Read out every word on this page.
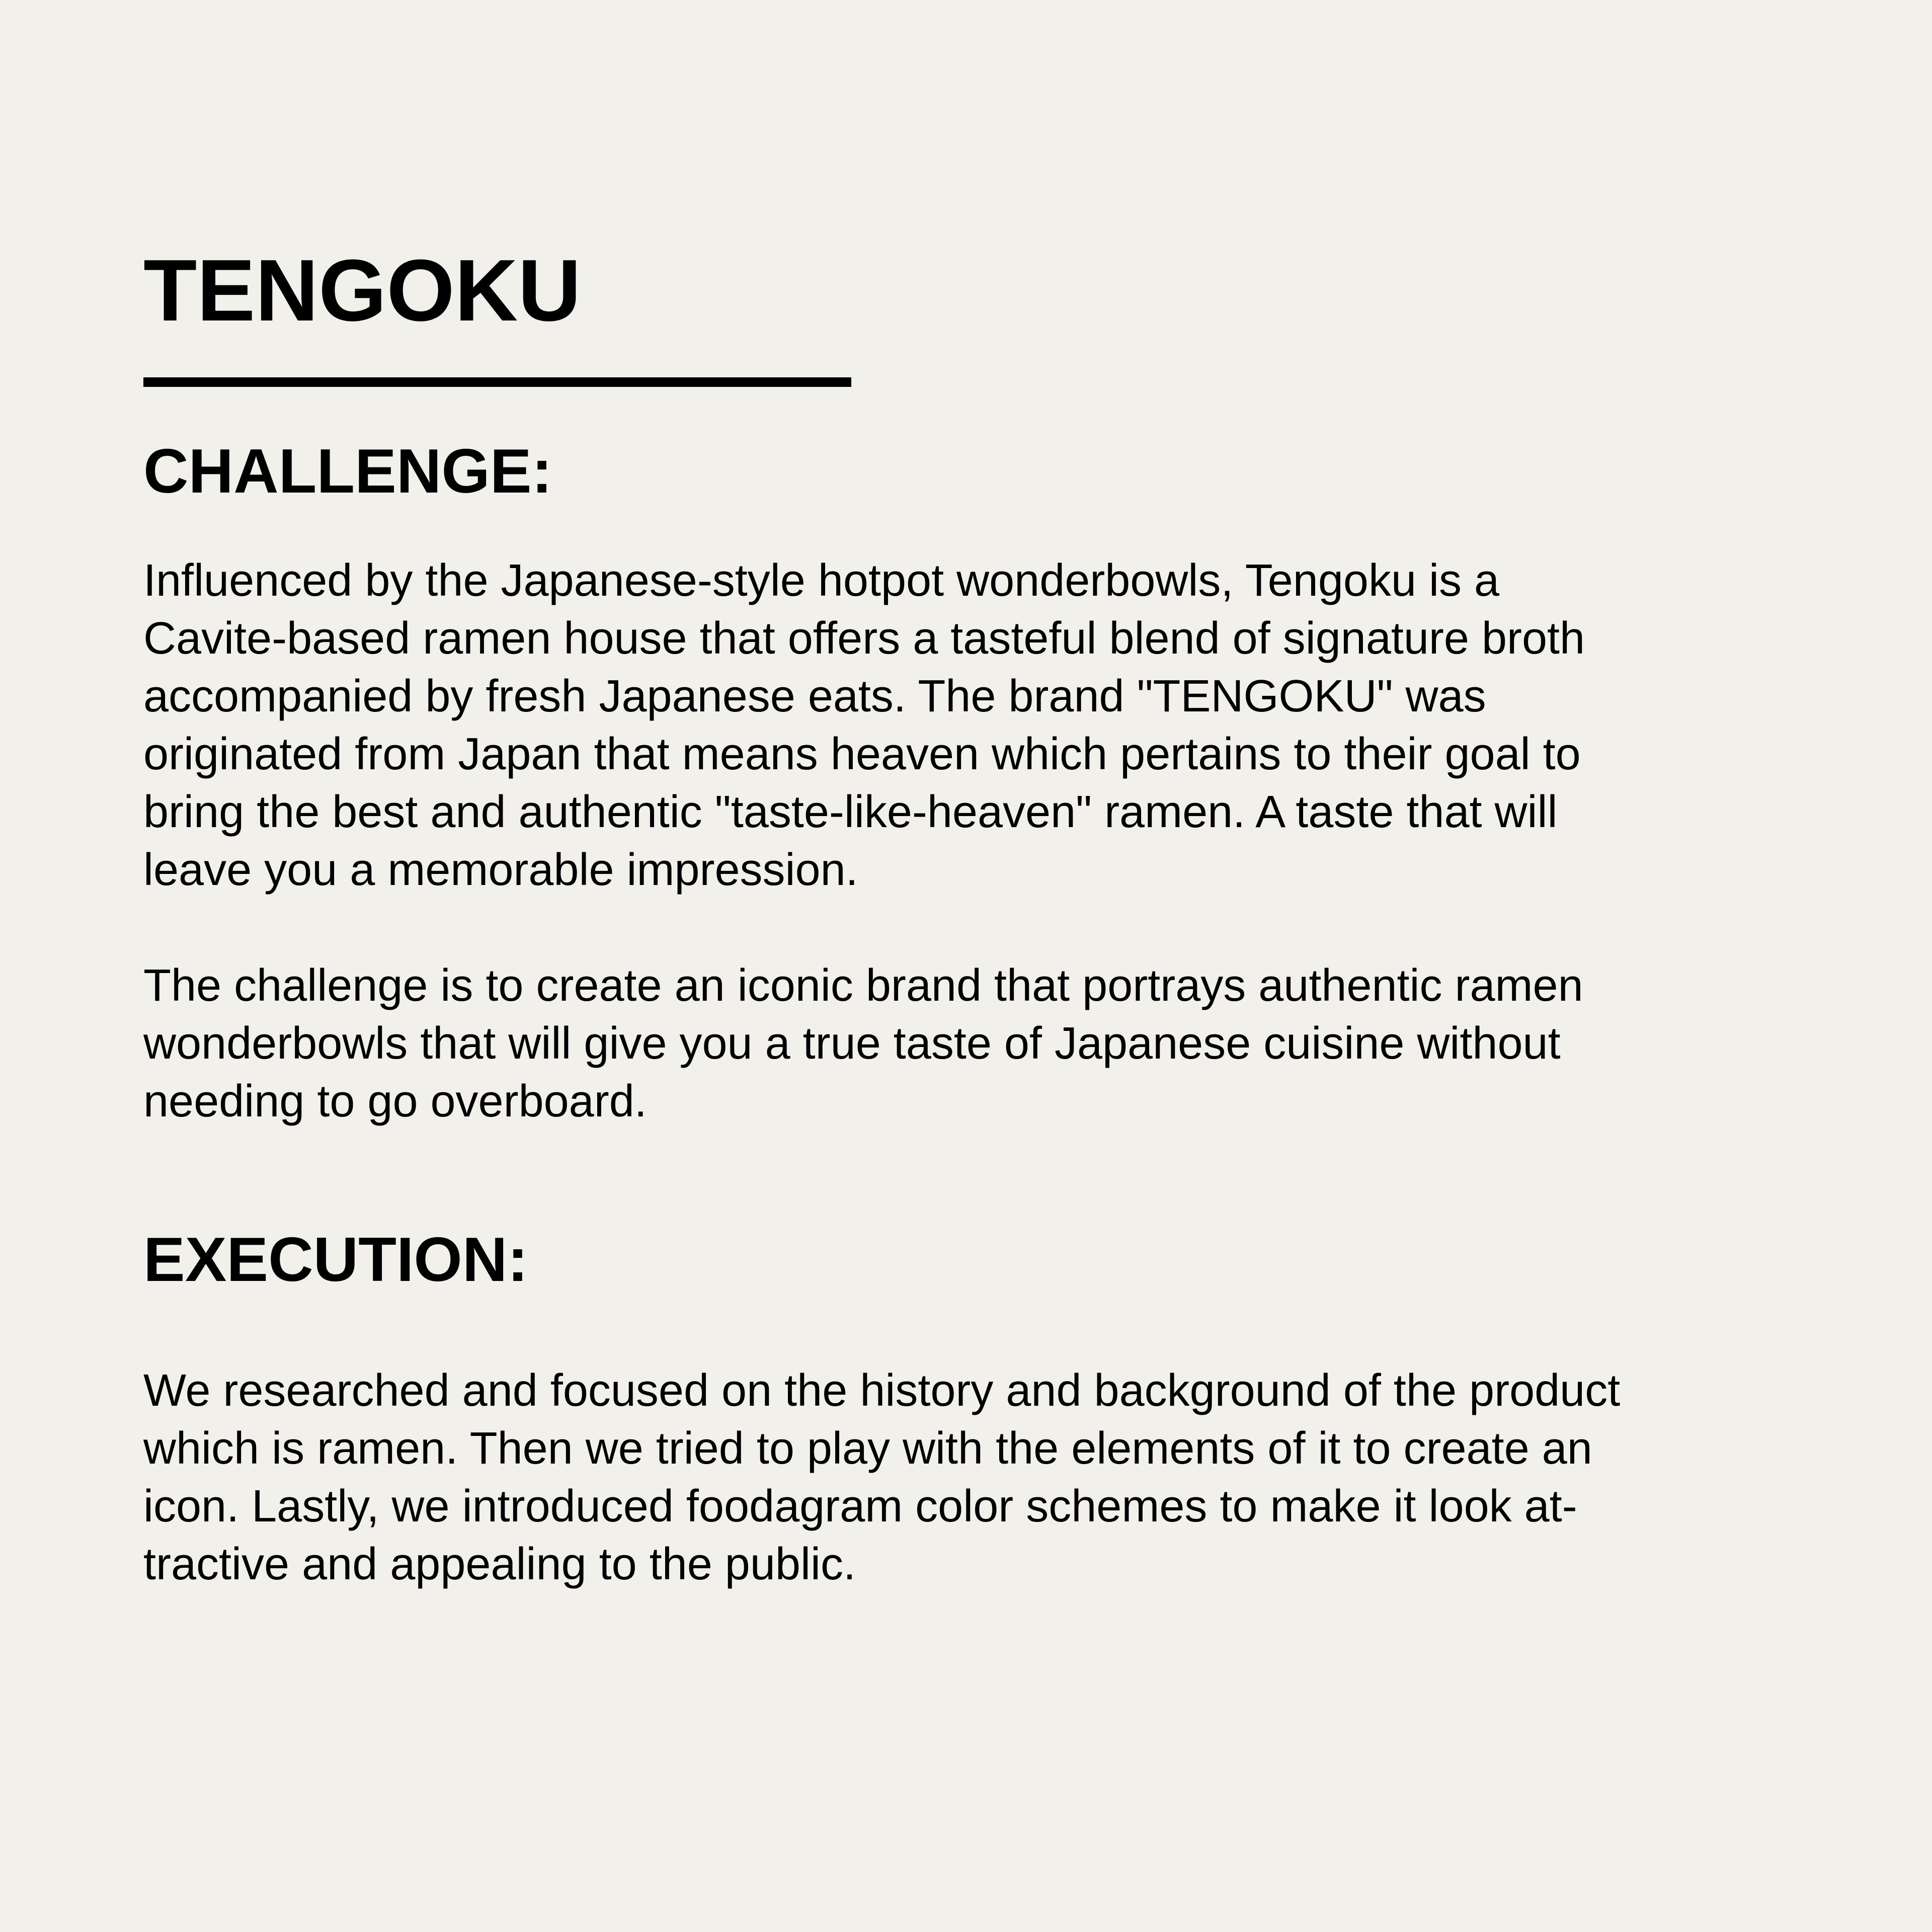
TENGOKU
CHALLENGE:

Influenced by the Japanese-style hotpot wonderbowls, Tengoku is a
Cavite-based ramen house that offers a tasteful blend of signature broth
accompanied by fresh Japanese eats. The brand "TENGOKU" was
originated from Japan that means heaven which pertains to their goal to
bring the best and authentic "taste-like-heaven" ramen. A taste that will
leave you a memorable impression.

The challenge is to create an iconic brand that portrays authentic ramen
wonderbowls that will give you a true taste of Japanese cuisine without
needing to go overboard.

EXECUTION:

We researched and focused on the history and background of the product
which is ramen. Then we tried to play with the elements of it to create an
icon. Lastly, we introduced foodagram color schemes to make it look at-
tractive and appealing to the public.
